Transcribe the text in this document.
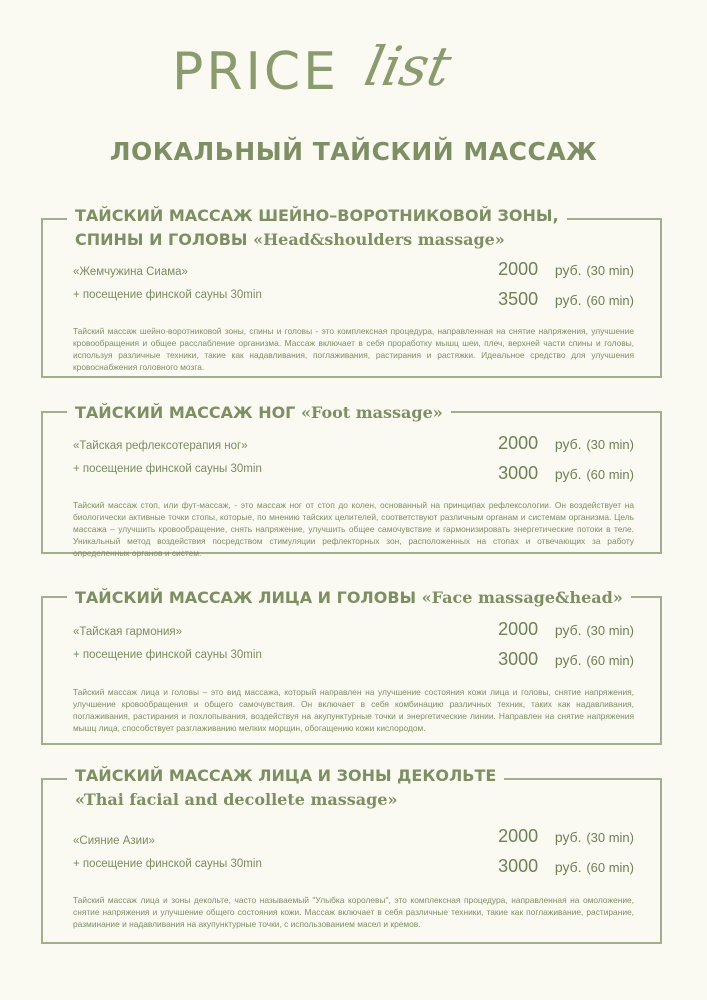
PRICE list
ЛОКАЛЬНЫЙ ТАЙСКИЙ МАССАЖ
ТАЙСКИЙ МАССАЖ ШЕЙНО–ВОРОТНИКОВОЙ ЗОНЫ,
СПИНЫ И ГОЛОВЫ «Head&shoulders massage»

«Жемчужина Сиама»
+ посещение финской сауны 30min

2000 руб. (30 min)
3500 руб. (60 min)

Тайский массаж шейно-воротниковой зоны, спины и головы - это комплексная процедура, направленная на снятие напряжения, улучшение кровообращения и общее расслабление организма. Массаж включает в себя проработку мышц шеи, плеч, верхней части спины и головы, используя различные техники, такие как надавливания, поглаживания, растирания и растяжки. Идеальное средство для улучшения кровоснабжения головного мозга.

ТАЙСКИЙ МАССАЖ НОГ «Foot massage»

«Тайская рефлексотерапия ног»
+ посещение финской сауны 30min

2000 руб. (30 min)
3000 руб. (60 min)

Тайский массаж стоп, или фут-массаж, - это массаж ног от стоп до колен, основанный на принципах рефлексологии. Он воздействует на биологически активные точки стопы, которые, по мнению тайских целителей, соответствуют различным органам и системам организма. Цель массажа – улучшить кровообращение, снять напряжение, улучшить общее самочувствие и гармонизировать энергетические потоки в теле. Уникальный метод воздействия посредством стимуляции рефлекторных зон, расположенных на стопах и отвечающих за работу определенных органов и систем.

ТАЙСКИЙ МАССАЖ ЛИЦА И ГОЛОВЫ «Face massage&head»

«Тайская гармония»
+ посещение финской сауны 30min

2000 руб. (30 min)
3000 руб. (60 min)

Тайский массаж лица и головы – это вид массажа, который направлен на улучшение состояния кожи лица и головы, снятие напряжения, улучшение кровообращения и общего самочувствия. Он включает в себя комбинацию различных техник, таких как надавливания, поглаживания, растирания и похлопывания, воздействуя на акупунктурные точки и энергетические линии. Направлен на снятие напряжения мышц лица, способствует разглаживанию мелких морщин, обогащению кожи кислородом.

ТАЙСКИЙ МАССАЖ ЛИЦА И ЗОНЫ ДЕКОЛЬТЕ
«Thai facial and decollete massage»

«Сияние Азии»
+ посещение финской сауны 30min

2000 руб. (30 min)
3000 руб. (60 min)

Тайский массаж лица и зоны декольте, часто называемый "Улыбка королевы", это комплексная процедура, направленная на омоложение, снятие напряжения и улучшение общего состояния кожи. Массаж включает в себя различные техники, такие как поглаживание, растирание, разминание и надавливания на акупунктурные точки, с использованием масел и кремов.
